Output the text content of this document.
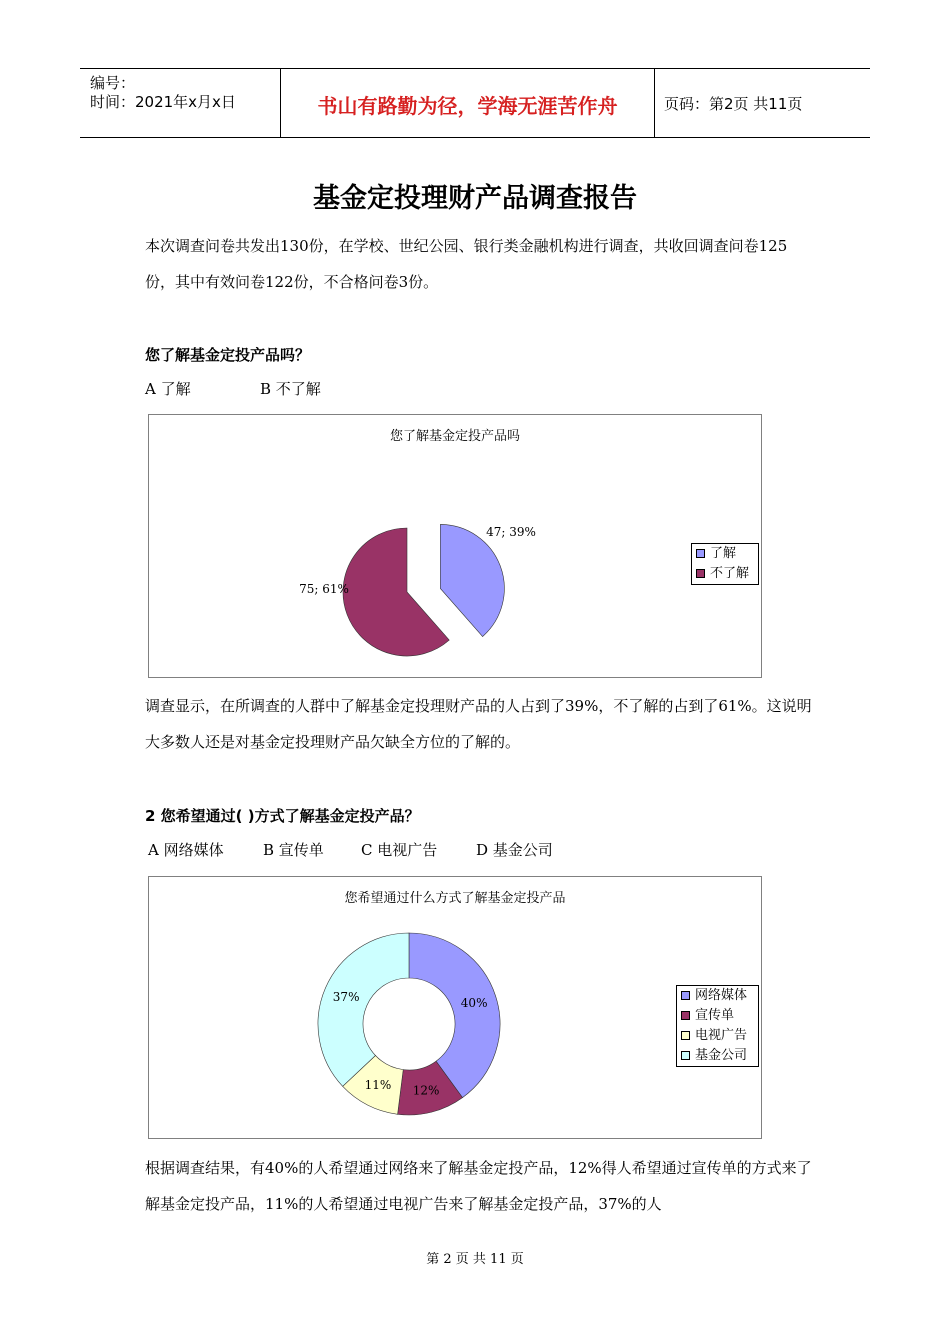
编号：
时间：2021年x月x日	书山有路勤为径，学海无涯苦作舟	页码：第2页 共11页
基金定投理财产品调查报告
本次调查问卷共发出130份，在学校、世纪公园、银行类金融机构进行调查，共收回调查问卷125份，其中有效问卷122份，不合格问卷3份。
您了解基金定投产品吗？
A 了解	B 不了解
您了解基金定投产品吗
47; 39%
75; 61%
了解
不了解
调查显示，在所调查的人群中了解基金定投理财产品的人占到了39%，不了解的占到了61%。这说明大多数人还是对基金定投理财产品欠缺全方位的了解的。
2 您希望通过( )方式了解基金定投产品？
A 网络媒体	B 宣传单 C 电视广告	D 基金公司
您希望通过什么方式了解基金定投产品
40%
12%
11%
37%	网络媒体
宣传单
电视广告
基金公司
根据调查结果，有40%的人希望通过网络来了解基金定投产品，12%得人希望通过宣传单的方式来了解基金定投产品，11%的人希望通过电视广告来了解基金定投产品，37%的人
第 2 页 共 11 页
